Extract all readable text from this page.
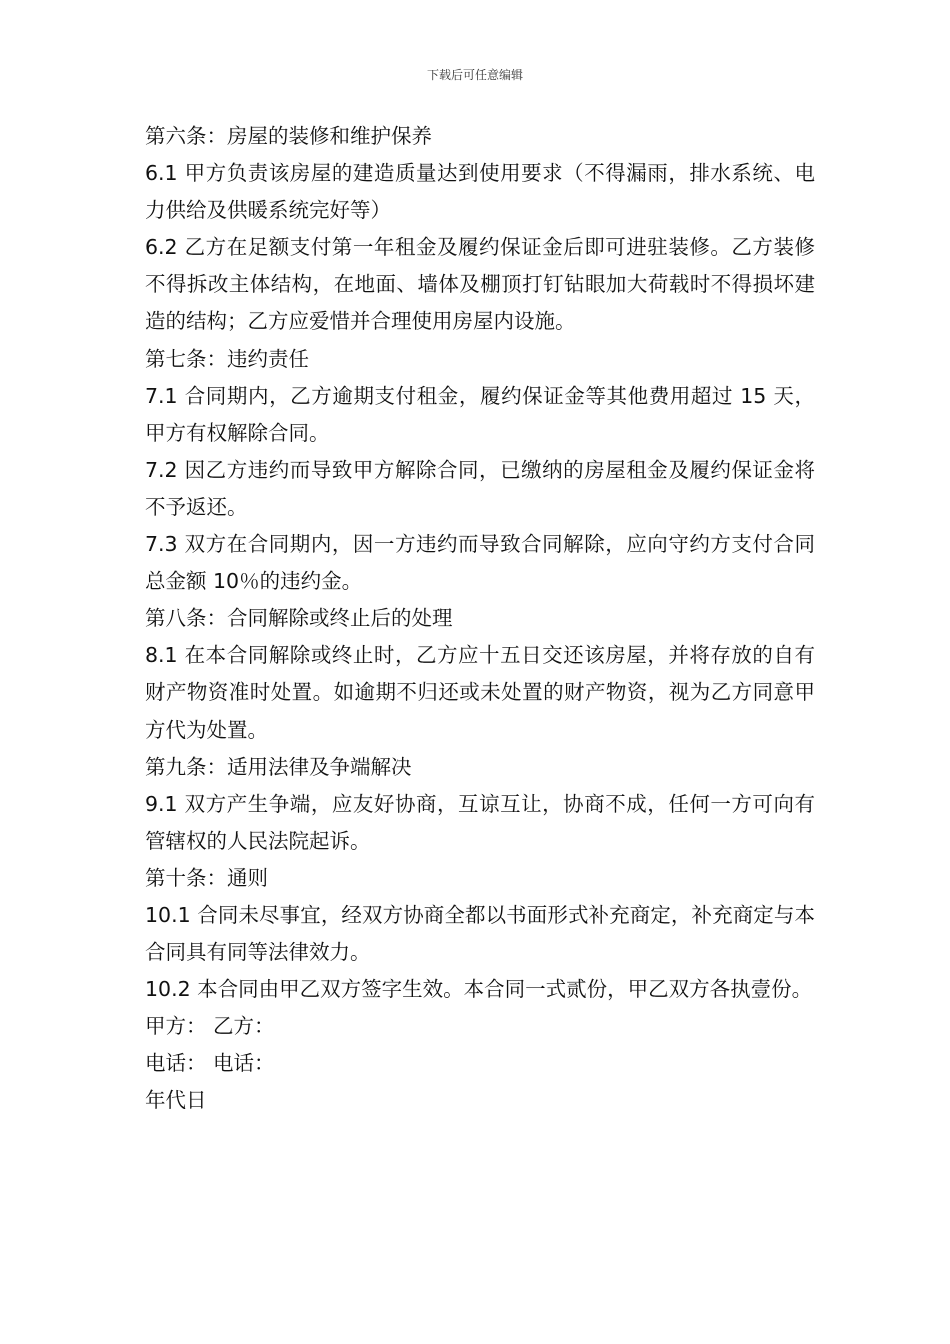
下载后可任意编辑

第六条：房屋的装修和维护保养

6.1 甲方负责该房屋的建造质量达到使用要求（不得漏雨，排水系统、电力供给及供暖系统完好等）

6.2 乙方在足额支付第一年租金及履约保证金后即可进驻装修。乙方装修不得拆改主体结构，在地面、墙体及棚顶打钉钻眼加大荷载时不得损坏建造的结构；乙方应爱惜并合理使用房屋内设施。

第七条：违约责任

7.1 合同期内，乙方逾期支付租金，履约保证金等其他费用超过 15 天，甲方有权解除合同。

7.2 因乙方违约而导致甲方解除合同，已缴纳的房屋租金及履约保证金将不予返还。

7.3 双方在合同期内，因一方违约而导致合同解除，应向守约方支付合同总金额 10％的违约金。

第八条：合同解除或终止后的处理

8.1 在本合同解除或终止时，乙方应十五日交还该房屋，并将存放的自有财产物资准时处置。如逾期不归还或未处置的财产物资，视为乙方同意甲方代为处置。

第九条：适用法律及争端解决

9.1 双方产生争端，应友好协商，互谅互让，协商不成，任何一方可向有管辖权的人民法院起诉。

第十条：通则

10.1 合同未尽事宜，经双方协商全都以书面形式补充商定，补充商定与本合同具有同等法律效力。

10.2 本合同由甲乙双方签字生效。本合同一式贰份，甲乙双方各执壹份。

甲方： 乙方：

电话： 电话：

年代日
